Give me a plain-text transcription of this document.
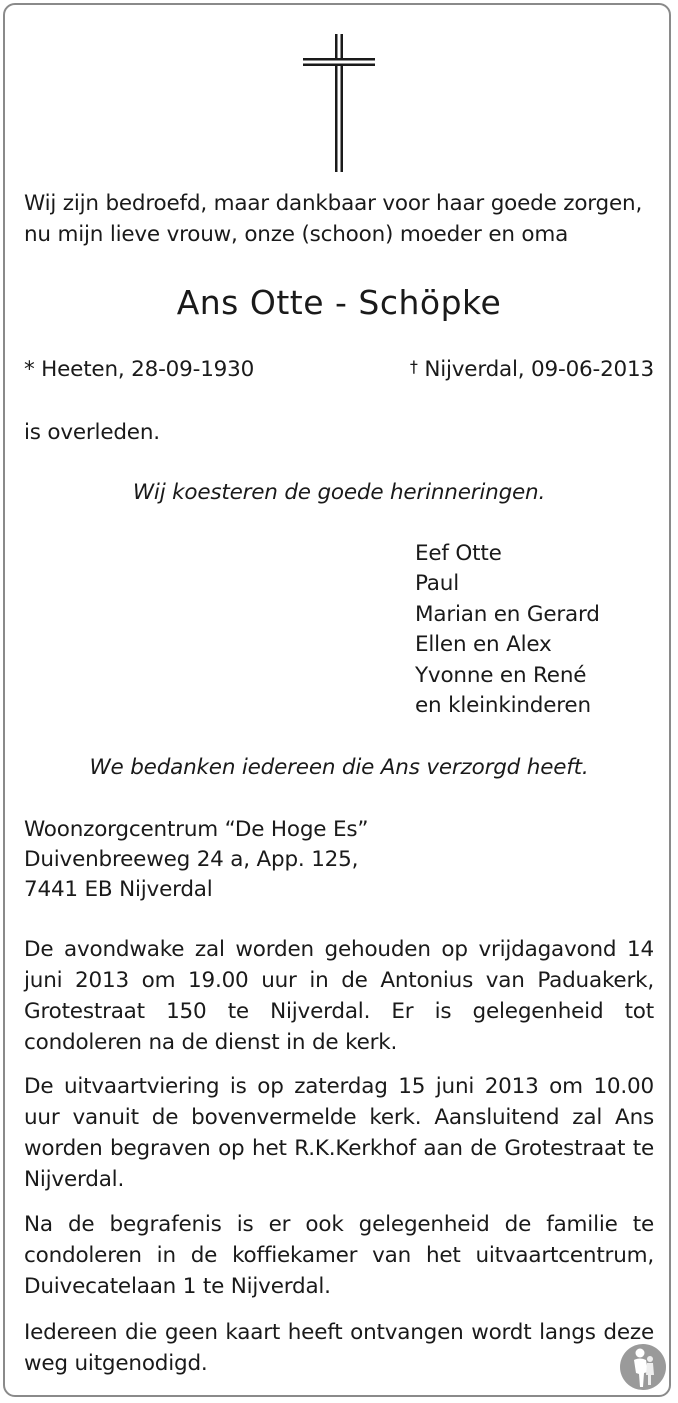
Wij zijn bedroefd, maar dankbaar voor haar goede zorgen,
nu mijn lieve vrouw, onze (schoon) moeder en oma
Ans Otte - Schöpke
* Heeten, 28-09-1930	† Nijverdal, 09-06-2013
is overleden.
Wij koesteren de goede herinneringen.
Eef Otte
Paul
Marian en Gerard
Ellen en Alex
Yvonne en René
en kleinkinderen
We bedanken iedereen die Ans verzorgd heeft.
Woonzorgcentrum “De Hoge Es”
Duivenbreeweg 24 a, App. 125,
7441 EB Nijverdal
De avondwake zal worden gehouden op vrijdagavond 14 juni 2013 om 19.00 uur in de Antonius van Paduakerk, Grotestraat 150 te Nijverdal. Er is gelegenheid tot condoleren na de dienst in de kerk.
De uitvaartviering is op zaterdag 15 juni 2013 om 10.00 uur vanuit de bovenvermelde kerk. Aansluitend zal Ans worden begraven op het R.K.Kerkhof aan de Grotestraat te Nijverdal.
Na de begrafenis is er ook gelegenheid de familie te condoleren in de koffiekamer van het uitvaartcentrum, Duivecatelaan 1 te Nijverdal.
Iedereen die geen kaart heeft ontvangen wordt langs deze weg uitgenodigd.
